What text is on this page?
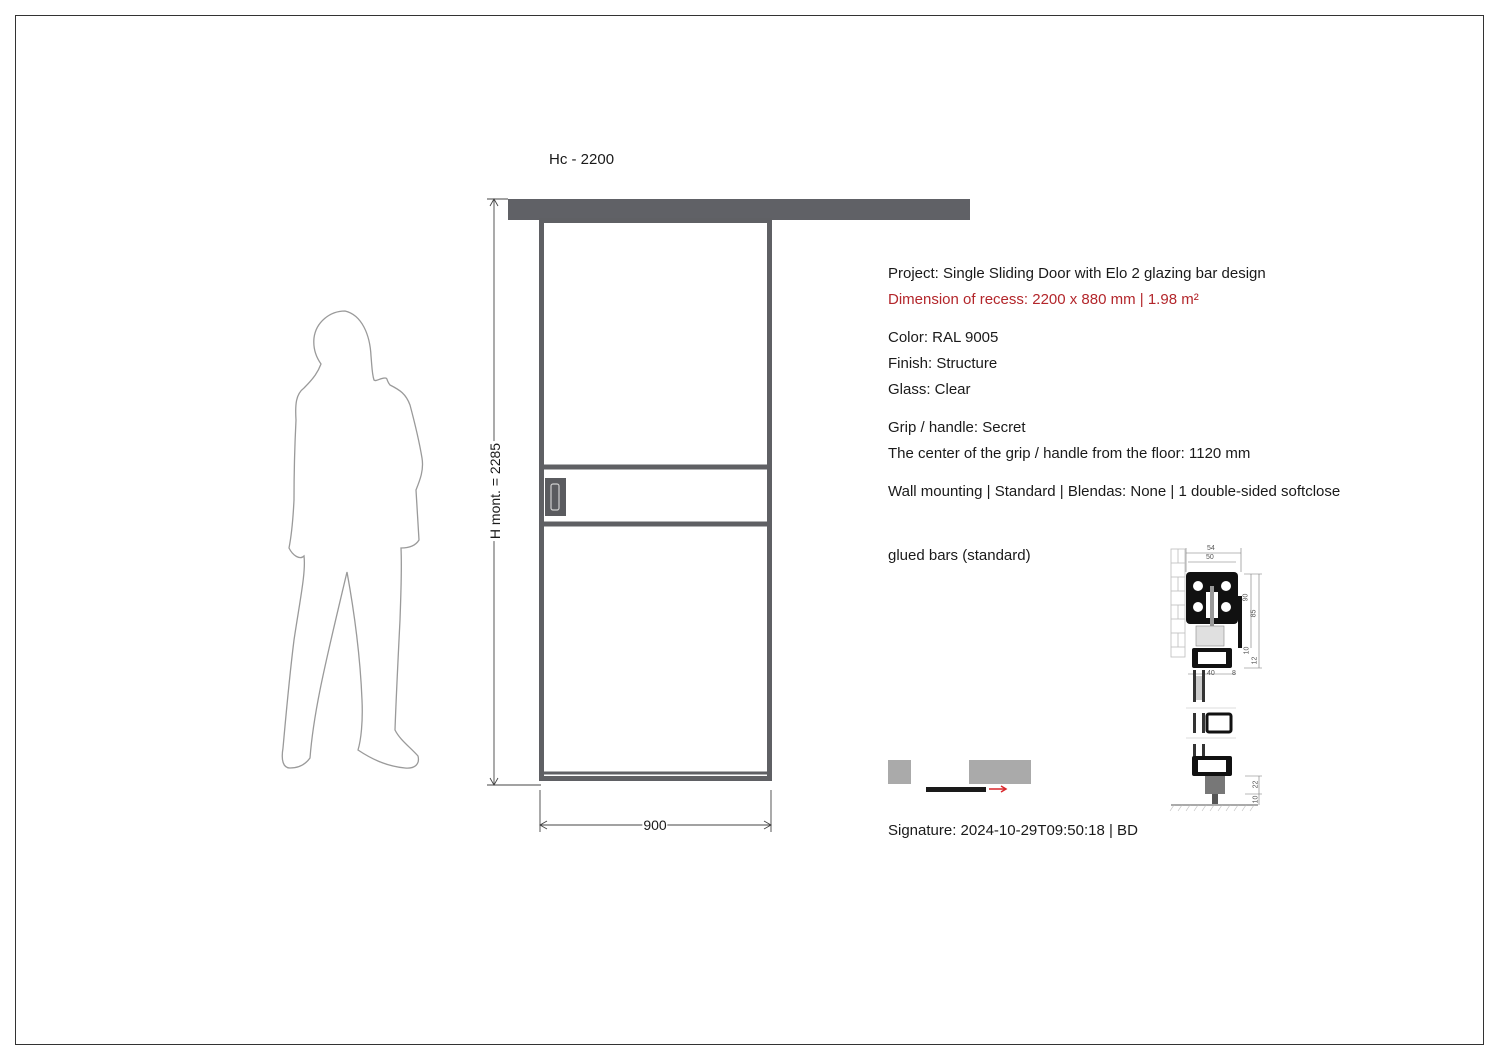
Hc - 2200
H mont. = 2285
900
54
50
90
85
10
12
40 8
22
10
Project: Single Sliding Door with Elo 2 glazing bar design
Dimension of recess: 2200 x 880 mm | 1.98 m²
Color: RAL 9005
Finish: Structure
Glass: Clear
Grip / handle: Secret
The center of the grip / handle from the floor: 1120 mm
Wall mounting | Standard | Blendas: None | 1 double-sided softclose
glued bars (standard)
Signature: 2024-10-29T09:50:18 | BD
